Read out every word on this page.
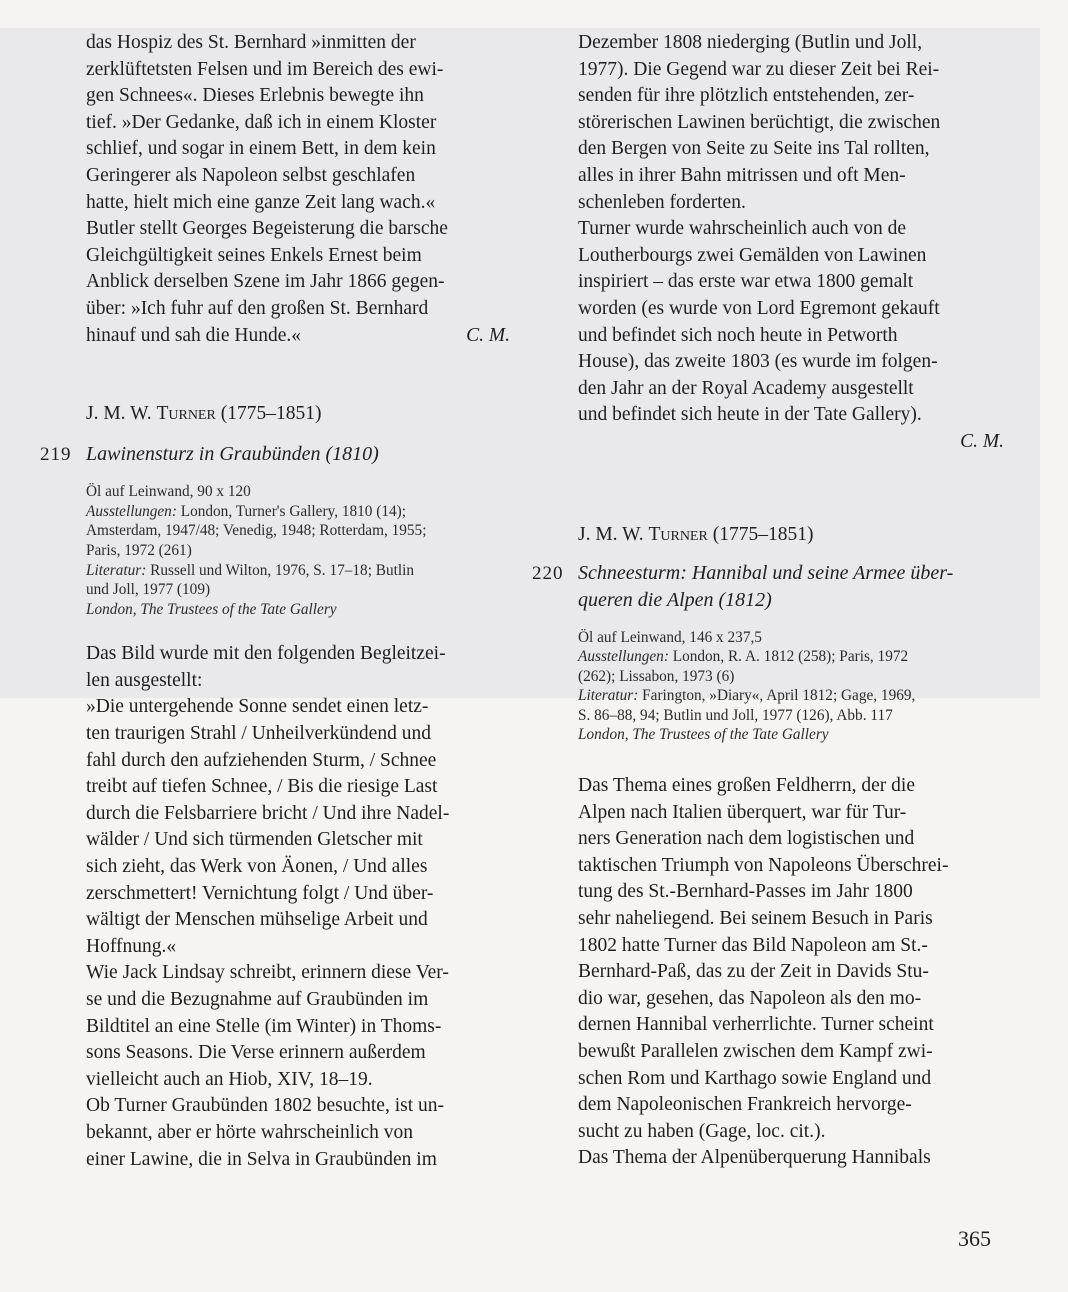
das Hospiz des St. Bernhard »inmitten der

zerklüftetsten Felsen und im Bereich des ewi-

gen Schnees«. Dieses Erlebnis bewegte ihn

tief. »Der Gedanke, daß ich in einem Kloster

schlief, und sogar in einem Bett, in dem kein

Geringerer als Napoleon selbst geschlafen

hatte, hielt mich eine ganze Zeit lang wach.«

Butler stellt Georges Begeisterung die barsche

Gleichgültigkeit seines Enkels Ernest beim

Anblick derselben Szene im Jahr 1866 gegen-

über: »Ich fuhr auf den großen St. Bernhard

hinauf und sah die Hunde.«	C. M.

J. M. W. Turner (1775–1851)

219 Lawinensturz in Graubünden (1810)

Öl auf Leinwand, 90 x 120
Ausstellungen: London, Turner's Gallery, 1810 (14);
Amsterdam, 1947/48; Venedig, 1948; Rotterdam, 1955;
Paris, 1972 (261)
Literatur: Russell und Wilton, 1976, S. 17–18; Butlin
und Joll, 1977 (109)
London, The Trustees of the Tate Gallery

Das Bild wurde mit den folgenden Begleitzei-

len ausgestellt:

»Die untergehende Sonne sendet einen letz-

ten traurigen Strahl / Unheilverkündend und

fahl durch den aufziehenden Sturm, / Schnee

treibt auf tiefen Schnee, / Bis die riesige Last

durch die Felsbarriere bricht / Und ihre Nadel-

wälder / Und sich türmenden Gletscher mit

sich zieht, das Werk von Äonen, / Und alles

zerschmettert! Vernichtung folgt / Und über-

wältigt der Menschen mühselige Arbeit und

Hoffnung.«

Wie Jack Lindsay schreibt, erinnern diese Ver-

se und die Bezugnahme auf Graubünden im

Bildtitel an eine Stelle (im Winter) in Thoms-

sons Seasons. Die Verse erinnern außerdem

vielleicht auch an Hiob, XIV, 18–19.

Ob Turner Graubünden 1802 besuchte, ist un-

bekannt, aber er hörte wahrscheinlich von

einer Lawine, die in Selva in Graubünden im

Dezember 1808 niederging (Butlin und Joll,

1977). Die Gegend war zu dieser Zeit bei Rei-

senden für ihre plötzlich entstehenden, zer-

störerischen Lawinen berüchtigt, die zwischen

den Bergen von Seite zu Seite ins Tal rollten,

alles in ihrer Bahn mitrissen und oft Men-

schenleben forderten.

Turner wurde wahrscheinlich auch von de

Loutherbourgs zwei Gemälden von Lawinen

inspiriert – das erste war etwa 1800 gemalt

worden (es wurde von Lord Egremont gekauft

und befindet sich noch heute in Petworth

House), das zweite 1803 (es wurde im folgen-

den Jahr an der Royal Academy ausgestellt

und befindet sich heute in der Tate Gallery).

C. M.

J. M. W. Turner (1775–1851)

220 Schneesturm: Hannibal und seine Armee über-
queren die Alpen (1812)
Öl auf Leinwand, 146 x 237,5
Ausstellungen: London, R. A. 1812 (258); Paris, 1972
(262); Lissabon, 1973 (6)
Literatur: Farington, »Diary«, April 1812; Gage, 1969,
S. 86–88, 94; Butlin und Joll, 1977 (126), Abb. 117
London, The Trustees of the Tate Gallery

Das Thema eines großen Feldherrn, der die

Alpen nach Italien überquert, war für Tur-

ners Generation nach dem logistischen und

taktischen Triumph von Napoleons Überschrei-

tung des St.-Bernhard-Passes im Jahr 1800

sehr naheliegend. Bei seinem Besuch in Paris

1802 hatte Turner das Bild Napoleon am St.-

Bernhard-Paß, das zu der Zeit in Davids Stu-

dio war, gesehen, das Napoleon als den mo-

dernen Hannibal verherrlichte. Turner scheint

bewußt Parallelen zwischen dem Kampf zwi-

schen Rom und Karthago sowie England und

dem Napoleonischen Frankreich hervorge-

sucht zu haben (Gage, loc. cit.).

Das Thema der Alpenüberquerung Hannibals

365
